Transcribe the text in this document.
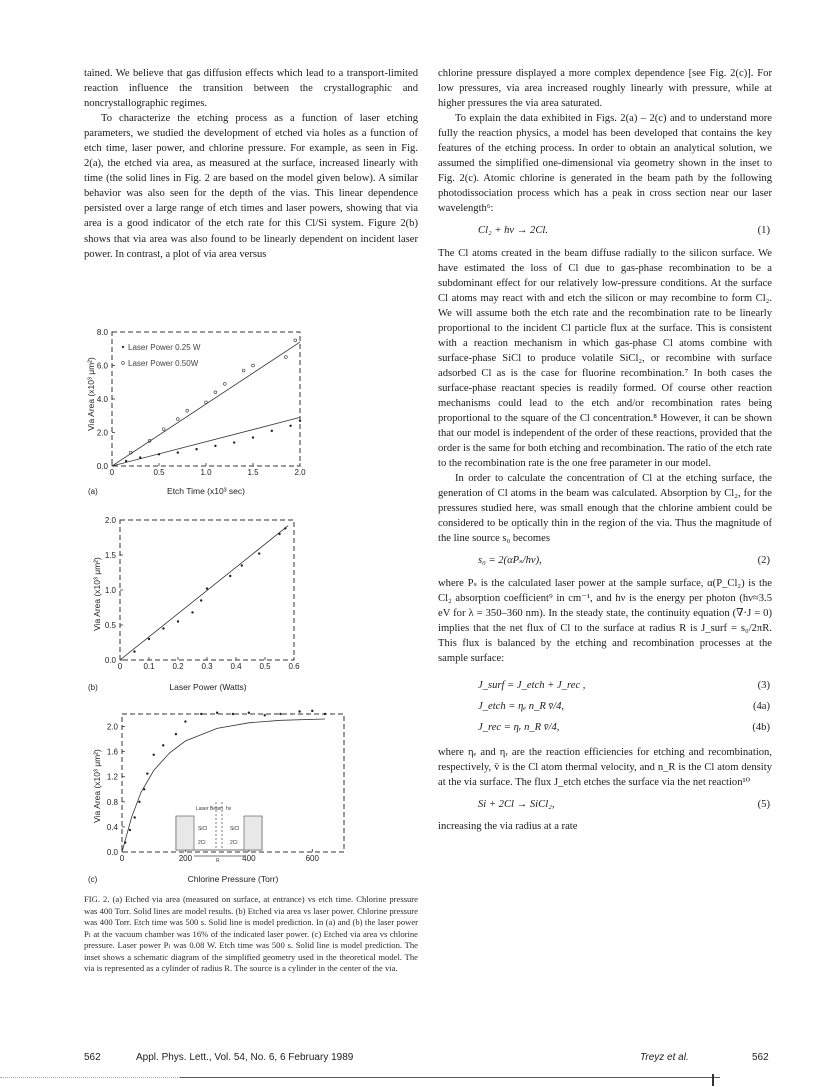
tained. We believe that gas diffusion effects which lead to a transport-limited reaction influence the transition between the crystallographic and noncrystallographic regimes.

To characterize the etching process as a function of laser etching parameters, we studied the development of etched via holes as a function of etch time, laser power, and chlorine pressure. For example, as seen in Fig. 2(a), the etched via area, as measured at the surface, increased linearly with time (the solid lines in Fig. 2 are based on the model given below). A similar behavior was also seen for the depth of the vias. This linear dependence persisted over a large range of etch times and laser powers, showing that via area is a good indicator of the etch rate for this Cl/Si system. Figure 2(b) shows that via area was also found to be linearly dependent on incident laser power. In contrast, a plot of via area versus

0	0.5	1.0	1.5	2.0
0.0
2.0
4.0
6.0
8.0
Via Area (x10³ μm²)
Etch Time (x10³ sec)
(a)
Laser Power 0.25 W
Laser Power 0.50W
0	0.1 0.2 0.3 0.4 0.5 0.6
0.0
0.5
1.0
1.5
2.0
Via Area (x10³ μm²)
Laser Power (Watts)
(b)
0	200	400	600
0.0
0.4
0.8
1.2
1.6
2.0
Laser Beam hν
SiCl	SiCl
2Cl	2Cl
R
Via Area (x10³ μm²)
Chlorine Pressure (Torr)
(c)
FIG. 2. (a) Etched via area (measured on surface, at entrance) vs etch time. Chlorine pressure was 400 Torr. Solid lines are model results. (b) Etched via area vs laser power. Chlorine pressure was 400 Torr. Etch time was 500 s. Solid line is model prediction. In (a) and (b) the laser power Pₗ at the vacuum chamber was 16% of the indicated laser power. (c) Etched via area vs chlorine pressure. Laser power Pₗ was 0.08 W. Etch time was 500 s. Solid line is model prediction. The inset shows a schematic diagram of the simplified geometry used in the theoretical model. The via is represented as a cylinder of radius R. The source is a cylinder in the center of the via.

chlorine pressure displayed a more complex dependence [see Fig. 2(c)]. For low pressures, via area increased roughly linearly with pressure, while at higher pressures the via area saturated.

To explain the data exhibited in Figs. 2(a) – 2(c) and to understand more fully the reaction physics, a model has been developed that contains the key features of the etching process. In order to obtain an analytical solution, we assumed the simplified one-dimensional via geometry shown in the inset to Fig. 2(c). Atomic chlorine is generated in the beam path by the following photodissociation process which has a peak in cross section near our laser wavelength⁶:

Cl₂ + hν → 2Cl.	(1)

The Cl atoms created in the beam diffuse radially to the silicon surface. We have estimated the loss of Cl due to gas-phase recombination to be a subdominant effect for our relatively low-pressure conditions. At the surface Cl atoms may react with and etch the silicon or may recombine to form Cl₂. We will assume both the etch rate and the recombination rate to be linearly proportional to the incident Cl particle flux at the surface. This is consistent with a reaction mechanism in which gas-phase Cl atoms combine with surface-phase SiCl to produce volatile SiCl₂, or recombine with surface adsorbed Cl as is the case for fluorine recombination.⁷ In both cases the surface-phase reactant species is readily formed. Of course other reaction mechanisms could lead to the etch and/or recombination rates being proportional to the square of the Cl concentration.⁸ However, it can be shown that our model is independent of the order of these reactions, provided that the order is the same for both etching and recombination. The ratio of the etch rate to the recombination rate is the one free parameter in our model.

In order to calculate the concentration of Cl at the etching surface, the generation of Cl atoms in the beam was calculated. Absorption by Cl₂, for the pressures studied here, was small enough that the chlorine ambient could be considered to be optically thin in the region of the via. Thus the magnitude of the line source s₀ becomes

s₀ = 2(αPₛ/hν),	(2)

where Pₛ is the calculated laser power at the sample surface, α(P_Cl₂) is the Cl₂ absorption coefficient⁹ in cm⁻¹, and hν is the energy per photon (hν≈3.5 eV for λ = 350–360 nm). In the steady state, the continuity equation (∇·J = 0) implies that the net flux of Cl to the surface at radius R is J_surf = s₀/2πR. This flux is balanced by the etching and recombination processes at the sample surface:

J_surf = J_etch + J_rec ,	(3)
J_etch = ηₑ n_R v̄/4,	(4a)
J_rec = ηᵣ n_R v̄/4,	(4b)

where ηₑ and ηᵣ are the reaction efficiencies for etching and recombination, respectively, v̄ is the Cl atom thermal velocity, and n_R is the Cl atom density at the via surface. The flux J_etch etches the surface via the net reaction¹⁰

Si + 2Cl → SiCl₂,	(5)

increasing the via radius at a rate

562	Appl. Phys. Lett., Vol. 54, No. 6, 6 February 1989	Treyz et al.	562
